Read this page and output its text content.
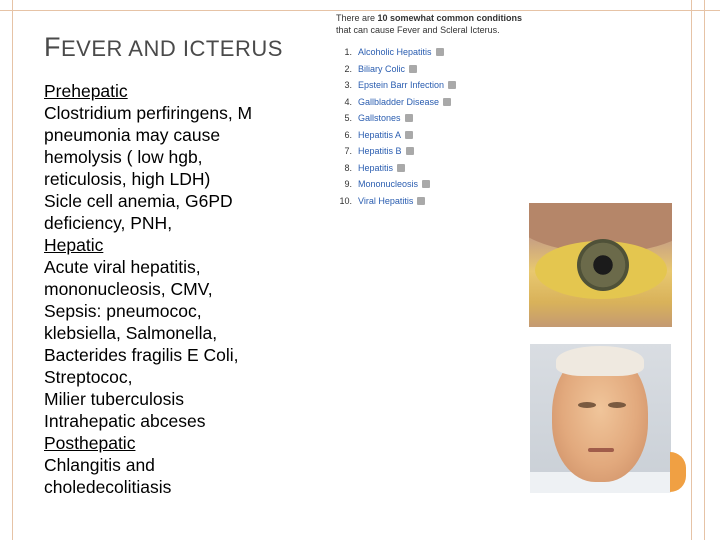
FEVER AND ICTERUS
Prehepatic
Clostridium perfiringens, M
pneumonia may cause
hemolysis ( low hgb,
reticulosis, high LDH)
Sicle cell anemia, G6PD
deficiency, PNH,
Hepatic
Acute viral hepatitis,
mononucleosis, CMV,
Sepsis: pneumococ,
klebsiella, Salmonella,
Bacterides fragilis E Coli,
Streptococ,
Milier tuberculosis
Intrahepatic abceses
Posthepatic
Chlangitis and
choledecolitiasis
There are 10 somewhat common conditions
that can cause Fever and Scleral Icterus.
1. Alcoholic Hepatitis
2. Biliary Colic
3. Epstein Barr Infection
4. Gallbladder Disease
5. Gallstones
6. Hepatitis A
7. Hepatitis B
8. Hepatitis
9. Mononucleosis
10. Viral Hepatitis
